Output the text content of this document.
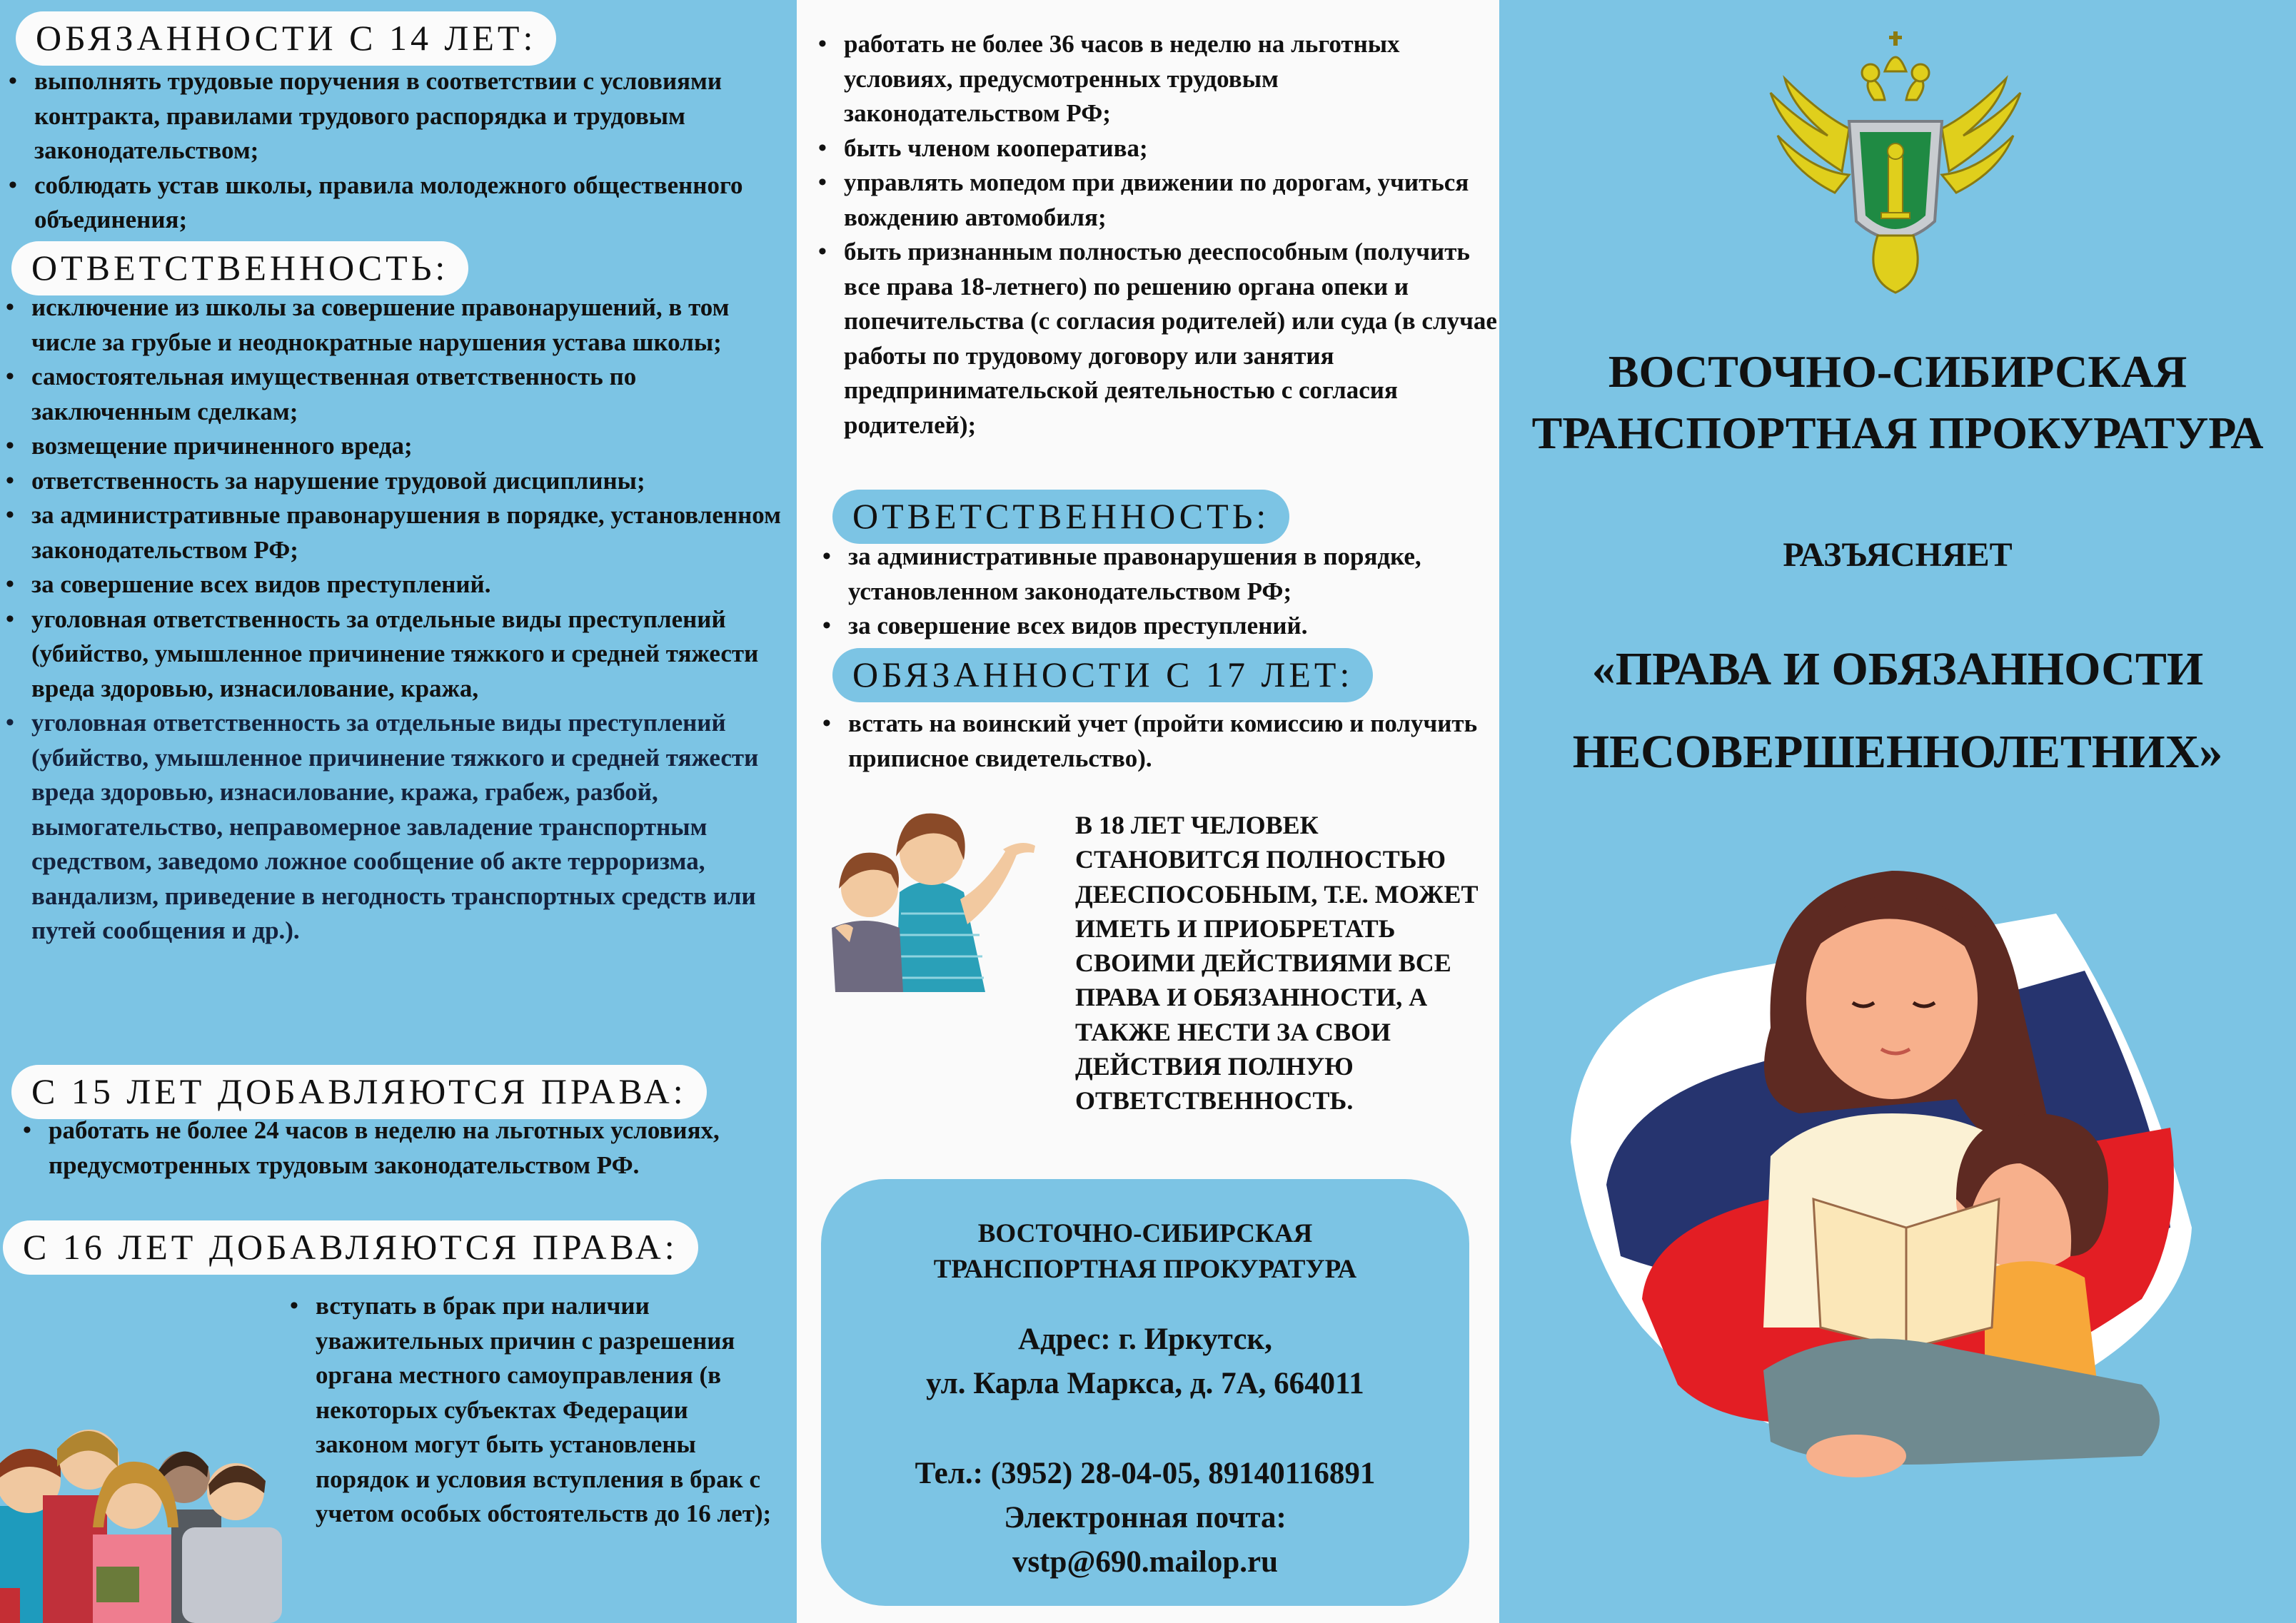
ОБЯЗАННОСТИ С 14 ЛЕТ:
• выполнять трудовые поручения в соответствии с условиями контракта, правилами трудового распорядка и трудовым законодательством;
• соблюдать устав школы, правила молодежного общественного объединения;
ОТВЕТСТВЕННОСТЬ:
• исключение из школы за совершение правонарушений, в том числе за грубые и неоднократные нарушения устава школы;
• самостоятельная имущественная ответственность по заключенным сделкам;
• возмещение причиненного вреда;
• ответственность за нарушение трудовой дисциплины;
• за административные правонарушения в порядке, установленном законодательством РФ;
• за совершение всех видов преступлений.
• уголовная ответственность за отдельные виды преступлений (убийство, умышленное причинение тяжкого и средней тяжести вреда здоровью, изнасилование, кража,
• уголовная ответственность за отдельные виды преступлений (убийство, умышленное причинение тяжкого и средней тяжести вреда здоровью, изнасилование, кража, грабеж, разбой, вымогательство, неправомерное завладение транспортным средством, заведомо ложное сообщение об акте терроризма, вандализм, приведение в негодность транспортных средств или путей сообщения и др.).
С 15 ЛЕТ ДОБАВЛЯЮТСЯ ПРАВА:
• работать не более 24 часов в неделю на льготных условиях, предусмотренных трудовым законодательством РФ.
С 16 ЛЕТ ДОБАВЛЯЮТСЯ ПРАВА:
• вступать в брак при наличии уважительных причин с разрешения органа местного самоуправления (в некоторых субъектах Федерации законом могут быть установлены порядок и условия вступления в брак с учетом особых обстоятельств до 16 лет);
• работать не более 36 часов в неделю на льготных условиях, предусмотренных трудовым законодательством РФ;
• быть членом кооператива;
• управлять мопедом при движении по дорогам, учиться вождению автомобиля;
• быть признанным полностью дееспособным (получить все права 18-летнего) по решению органа опеки и попечительства (с согласия родителей) или суда (в случае работы по трудовому договору или занятия предпринимательской деятельностью с согласия родителей);
ОТВЕТСТВЕННОСТЬ:
• за административные правонарушения в порядке, установленном законодательством РФ;
• за совершение всех видов преступлений.
ОБЯЗАННОСТИ С 17 ЛЕТ:
• встать на воинский учет (пройти комиссию и получить приписное свидетельство).
В 18 ЛЕТ ЧЕЛОВЕК СТАНОВИТСЯ ПОЛНОСТЬЮ ДЕЕСПОСОБНЫМ, Т.Е. МОЖЕТ ИМЕТЬ И ПРИОБРЕТАТЬ СВОИМИ ДЕЙСТВИЯМИ ВСЕ ПРАВА И ОБЯЗАННОСТИ, А ТАКЖЕ НЕСТИ ЗА СВОИ ДЕЙСТВИЯ ПОЛНУЮ ОТВЕТСТВЕННОСТЬ.
ВОСТОЧНО-СИБИРСКАЯ
ТРАНСПОРТНАЯ ПРОКУРАТУРА
Адрес: г. Иркутск,
ул. Карла Маркса, д. 7А, 664011
Тел.: (3952) 28-04-05, 89140116891
Электронная почта:
vstp@690.mailop.ru
ВОСТОЧНО-СИБИРСКАЯ
ТРАНСПОРТНАЯ ПРОКУРАТУРА
РАЗЪЯСНЯЕТ
«ПРАВА И ОБЯЗАННОСТИ
НЕСОВЕРШЕННОЛЕТНИХ»
